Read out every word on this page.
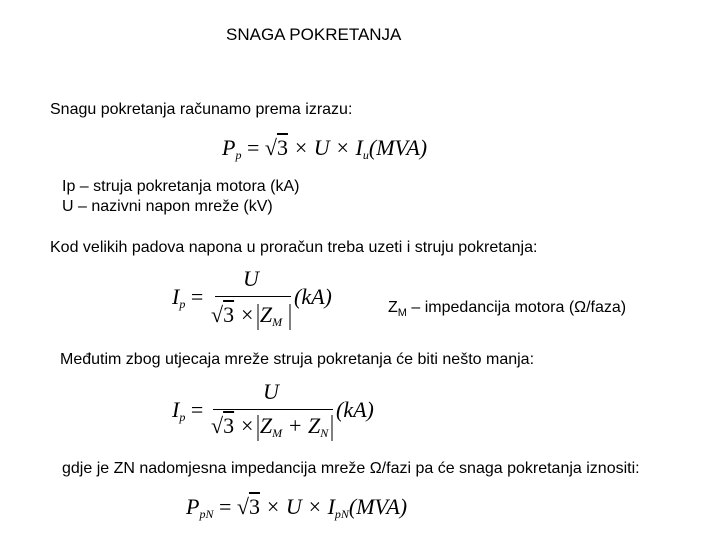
SNAGA POKRETANJA
Snagu pokretanja računamo prema izrazu:
$P_p = √3 \times U \times I_u(MVA)$
Ip – struja pokretanja motora (kA)
U – nazivni napon mreže (kV)
Kod velikih padova napona u proračun treba uzeti i struju pokretanja:
$I_p$ =
U
$√3 \times Z_M$
(kA)	$Z_M$ – impedancija motora (Ω/faza)
Međutim zbog utjecaja mreže struja pokretanja će biti nešto manja:
$I_p$ =
U
$√3 \times Z_M + Z_N$
(kA)
gdje je ZN nadomjesna impedancija mreže Ω/fazi pa će snaga pokretanja iznositi:
$P_{pN} = √3 \times U \times I_{pN}(MVA)$
